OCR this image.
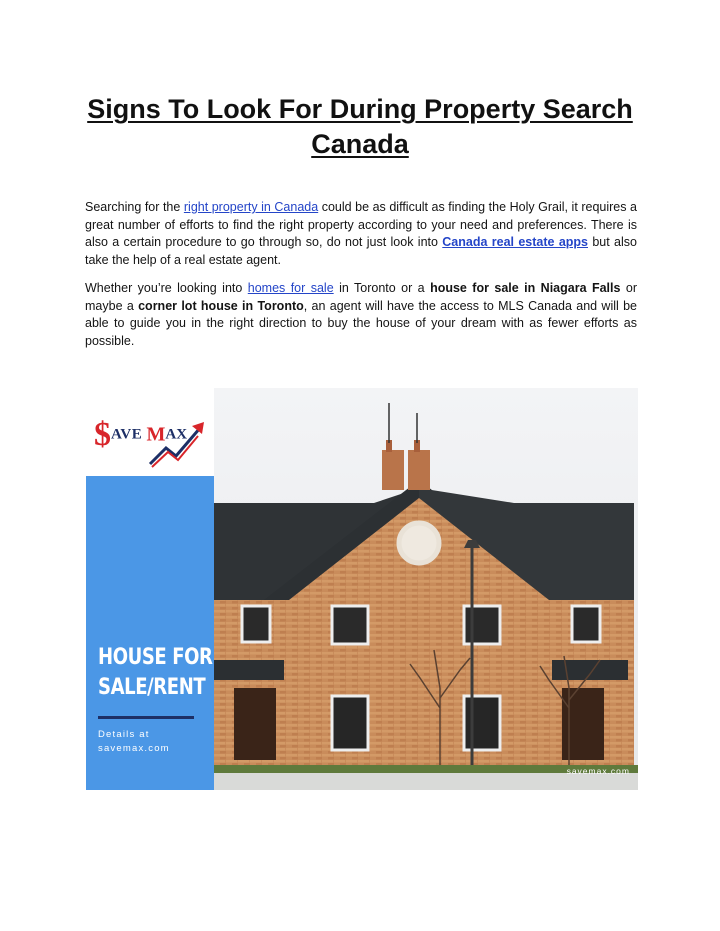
Signs To Look For During Property Search Canada

Searching for the right property in Canada could be as difficult as finding the Holy Grail, it requires a great number of efforts to find the right property according to your need and preferences. There is also a certain procedure to go through so, do not just look into Canada real estate apps but also take the help of a real estate agent.

Whether you’re looking into homes for sale in Toronto or a house for sale in Niagara Falls or maybe a corner lot house in Toronto, an agent will have the access to MLS Canada and will be able to guide you in the right direction to buy the house of your dream with as fewer efforts as possible.

$AVE MAX
HOUSE FOR
SALE/RENT
Details at
savemax.com
savemax.com
